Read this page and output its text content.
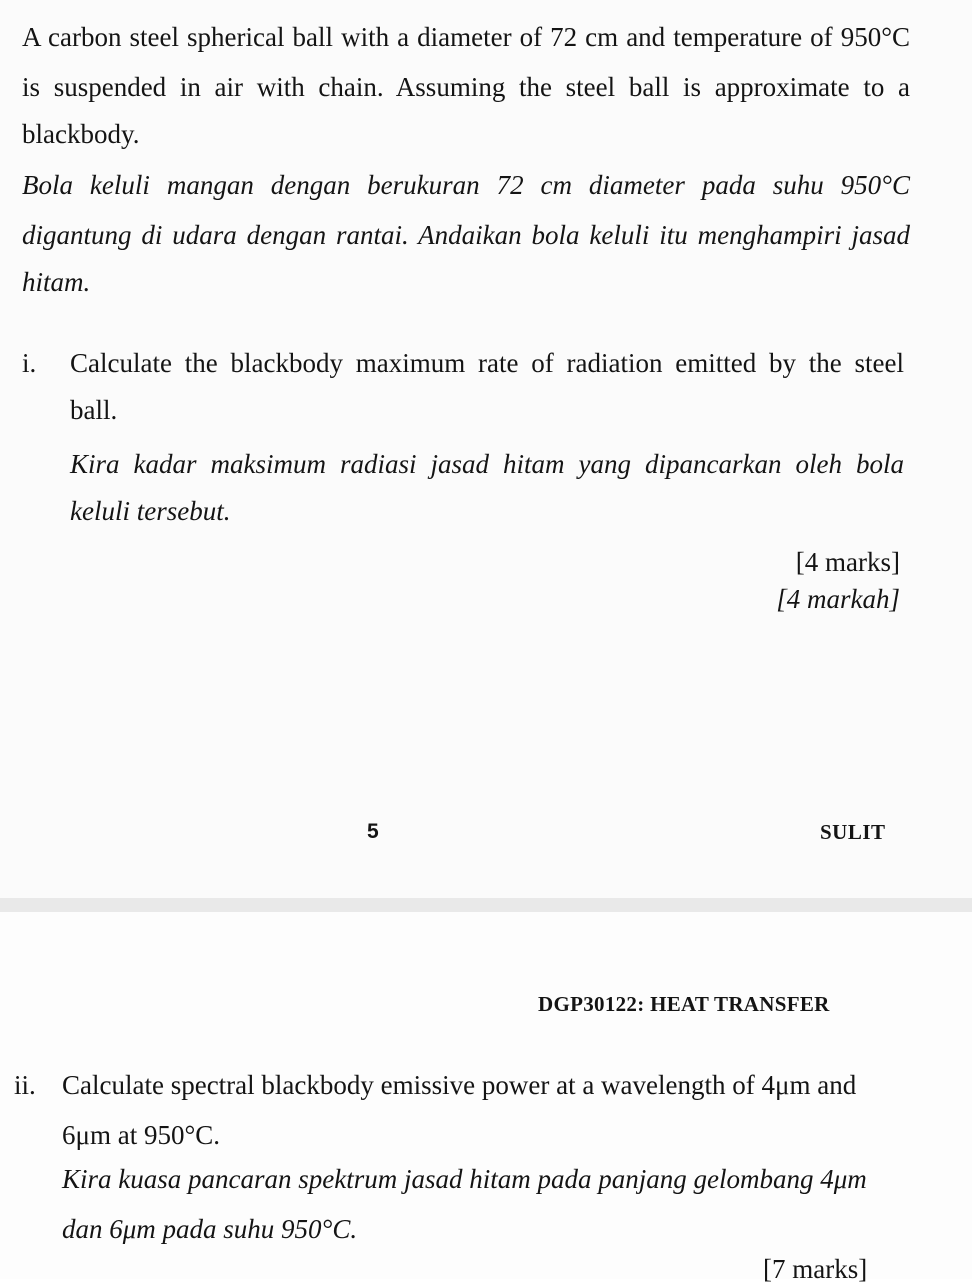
A carbon steel spherical ball with a diameter of 72 cm and temperature of 950°C

is suspended in air with chain. Assuming the steel ball is approximate to a

blackbody.

Bola keluli mangan dengan berukuran 72 cm diameter pada suhu 950°C

digantung di udara dengan rantai. Andaikan bola keluli itu menghampiri jasad

hitam.

i. Calculate the blackbody maximum rate of radiation emitted by the steel

ball.

Kira kadar maksimum radiasi jasad hitam yang dipancarkan oleh bola

keluli tersebut.

[4 marks]

[4 markah]

5	SULIT

DGP30122: HEAT TRANSFER

ii. Calculate spectral blackbody emissive power at a wavelength of 4μm and

6μm at 950°C.

Kira kuasa pancaran spektrum jasad hitam pada panjang gelombang 4μm

dan 6μm pada suhu 950°C.

[7 marks]
